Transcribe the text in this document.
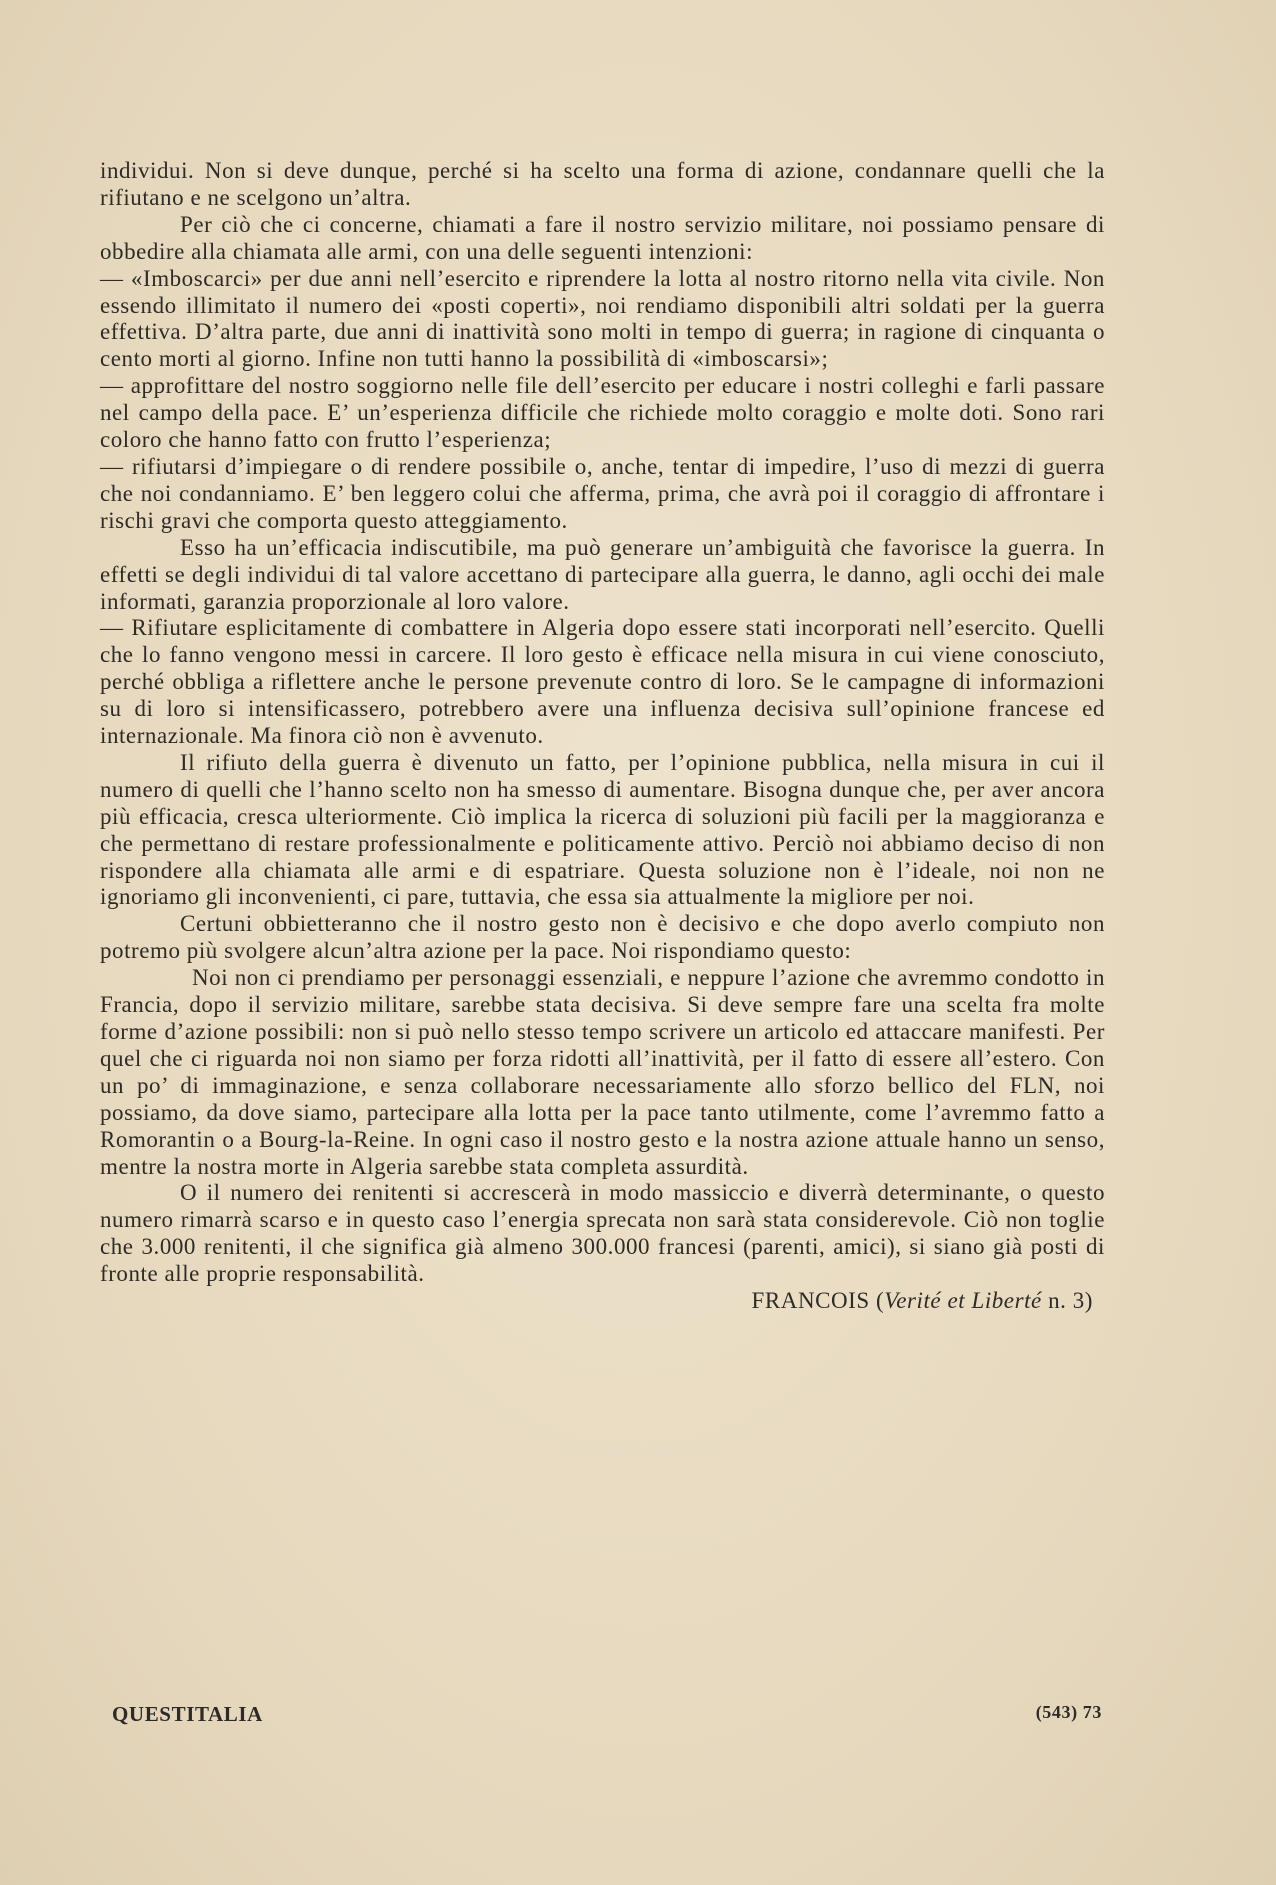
individui. Non si deve dunque, perché si ha scelto una forma di azione, condannare quelli che la rifiutano e ne scelgono un’altra.

Per ciò che ci concerne, chiamati a fare il nostro servizio militare, noi possiamo pensare di obbedire alla chiamata alle armi, con una delle seguenti intenzioni:

— «Imboscarci» per due anni nell’esercito e riprendere la lotta al nostro ritorno nella vita civile. Non essendo illimitato il numero dei «posti coperti», noi rendiamo disponibili altri soldati per la guerra effettiva. D’altra parte, due anni di inattività sono molti in tempo di guerra; in ragione di cinquanta o cento morti al giorno. Infine non tutti hanno la possibilità di «imboscarsi»;

— approfittare del nostro soggiorno nelle file dell’esercito per educare i nostri colleghi e farli passare nel campo della pace. E’ un’esperienza difficile che richiede molto coraggio e molte doti. Sono rari coloro che hanno fatto con frutto l’esperienza;

— rifiutarsi d’impiegare o di rendere possibile o, anche, tentar di impedire, l’uso di mezzi di guerra che noi condanniamo. E’ ben leggero colui che afferma, prima, che avrà poi il coraggio di affrontare i rischi gravi che comporta questo atteggiamento.

Esso ha un’efficacia indiscutibile, ma può generare un’ambiguità che favorisce la guerra. In effetti se degli individui di tal valore accettano di partecipare alla guerra, le danno, agli occhi dei male informati, garanzia proporzionale al loro valore.

— Rifiutare esplicitamente di combattere in Algeria dopo essere stati incorporati nell’esercito. Quelli che lo fanno vengono messi in carcere. Il loro gesto è efficace nella misura in cui viene conosciuto, perché obbliga a riflettere anche le persone prevenute contro di loro. Se le campagne di informazioni su di loro si intensificassero, potrebbero avere una influenza decisiva sull’opinione francese ed internazionale. Ma finora ciò non è avvenuto.

Il rifiuto della guerra è divenuto un fatto, per l’opinione pubblica, nella misura in cui il numero di quelli che l’hanno scelto non ha smesso di aumentare. Bisogna dunque che, per aver ancora più efficacia, cresca ulteriormente. Ciò implica la ricerca di soluzioni più facili per la maggioranza e che permettano di restare professionalmente e politicamente attivo. Perciò noi abbiamo deciso di non rispondere alla chiamata alle armi e di espatriare. Questa soluzione non è l’ideale, noi non ne ignoriamo gli inconvenienti, ci pare, tuttavia, che essa sia attualmente la migliore per noi.

Certuni obbietteranno che il nostro gesto non è decisivo e che dopo averlo compiuto non potremo più svolgere alcun’altra azione per la pace. Noi rispondiamo questo:

Noi non ci prendiamo per personaggi essenziali, e neppure l’azione che avremmo condotto in Francia, dopo il servizio militare, sarebbe stata decisiva. Si deve sempre fare una scelta fra molte forme d’azione possibili: non si può nello stesso tempo scrivere un articolo ed attaccare manifesti. Per quel che ci riguarda noi non siamo per forza ridotti all’inattività, per il fatto di essere all’estero. Con un po’ di immaginazione, e senza collaborare necessariamente allo sforzo bellico del FLN, noi possiamo, da dove siamo, partecipare alla lotta per la pace tanto utilmente, come l’avremmo fatto a Romorantin o a Bourg-la-Reine. In ogni caso il nostro gesto e la nostra azione attuale hanno un senso, mentre la nostra morte in Algeria sarebbe stata completa assurdità.

O il numero dei renitenti si accrescerà in modo massiccio e diverrà determinante, o questo numero rimarrà scarso e in questo caso l’energia sprecata non sarà stata considerevole. Ciò non toglie che 3.000 renitenti, il che significa già almeno 300.000 francesi (parenti, amici), si siano già posti di fronte alle proprie responsabilità.

FRANCOIS (Verité et Liberté n. 3)

QUESTITALIA	(543) 73
